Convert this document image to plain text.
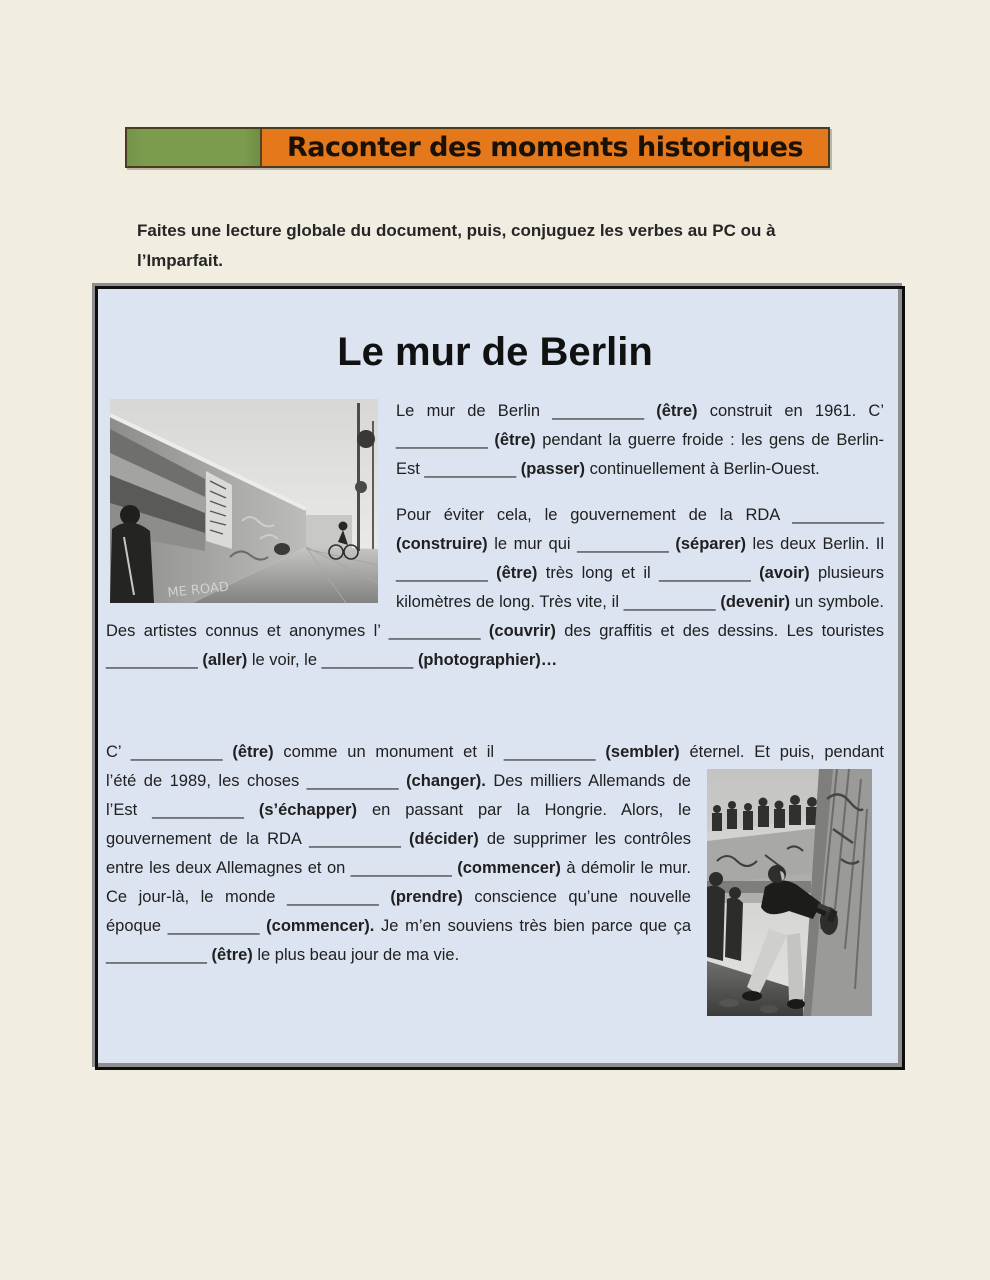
Raconter des moments historiques

Faites une lecture globale du document, puis, conjuguez les verbes au PC ou à l’Imparfait.

Le mur de Berlin
ME ROAD

Le mur de Berlin __________ (être) construit en 1961. C’ __________ (être) pendant la guerre froide : les gens de Berlin-Est __________ (passer) continuellement à Berlin-Ouest.

Pour éviter cela, le gouvernement de la RDA __________ (construire) le mur qui __________ (séparer) les deux Berlin. Il __________ (être) très long et il __________ (avoir) plusieurs kilomètres de long. Très vite, il __________ (devenir) un symbole. Des artistes connus et anonymes l’ __________ (couvrir) des graffitis et des dessins. Les touristes __________ (aller) le voir, le __________ (photographier)…

C’ __________ (être) comme un monument et il __________ (sembler) éternel. Et puis, pendant

l’été de 1989, les choses __________ (changer). Des milliers Allemands de l’Est __________ (s’échapper) en passant par la Hongrie. Alors, le gouvernement de la RDA __________ (décider) de supprimer les contrôles entre les deux Allemagnes et on ___________ (commencer) à démolir le mur. Ce jour-là, le monde __________ (prendre) conscience qu’une nouvelle époque __________ (commencer). Je m’en souviens très bien parce que ça ___________ (être) le plus beau jour de ma vie.
